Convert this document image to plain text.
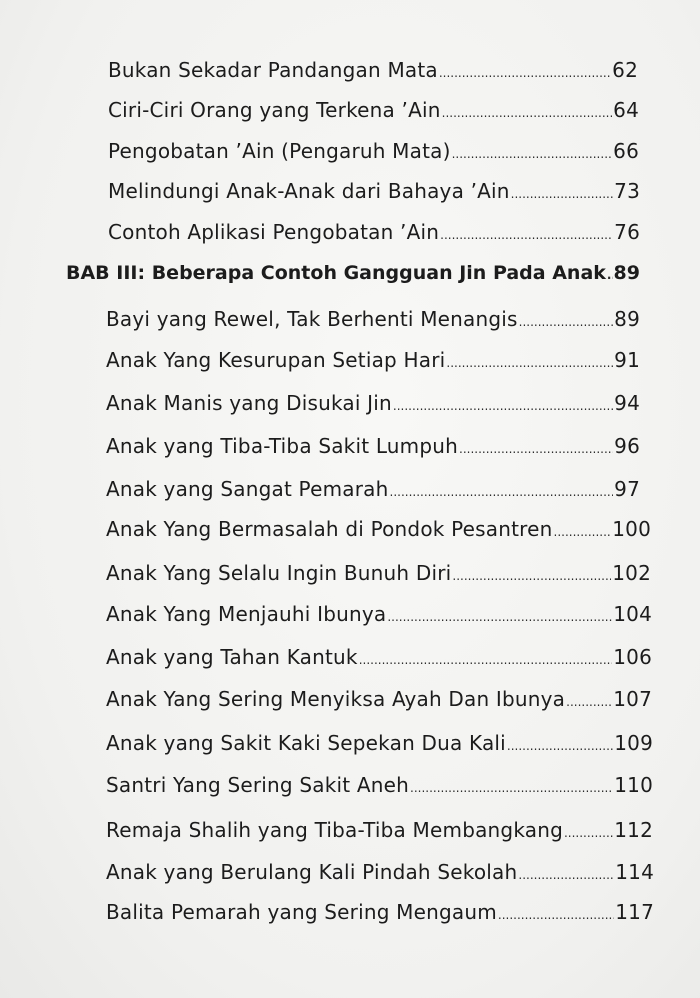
Bukan Sekadar Pandangan Mata .....	62
Ciri-Ciri Orang yang Terkena ’Ain .....	64
Pengobatan ’Ain (Pengaruh Mata) .....	66
Melindungi Anak-Anak dari Bahaya ’Ain .....	73
Contoh Aplikasi Pengobatan ’Ain .....	76
BAB III: Beberapa Contoh Gangguan Jin Pada Anak ..... 89
Bayi yang Rewel, Tak Berhenti Menangis .....	89
Anak Yang Kesurupan Setiap Hari .....	91
Anak Manis yang Disukai Jin .....	94
Anak yang Tiba-Tiba Sakit Lumpuh .....	96
Anak yang Sangat Pemarah .....	97
Anak Yang Bermasalah di Pondok Pesantren .....	100
Anak Yang Selalu Ingin Bunuh Diri .....	102
Anak Yang Menjauhi Ibunya .....	104
Anak yang Tahan Kantuk .....	106
Anak Yang Sering Menyiksa Ayah Dan Ibunya ..... 107
Anak yang Sakit Kaki Sepekan Dua Kali .....	109
Santri Yang Sering Sakit Aneh .....	110
Remaja Shalih yang Tiba-Tiba Membangkang .....	112
Anak yang Berulang Kali Pindah Sekolah .....	114
Balita Pemarah yang Sering Mengaum .....	117
